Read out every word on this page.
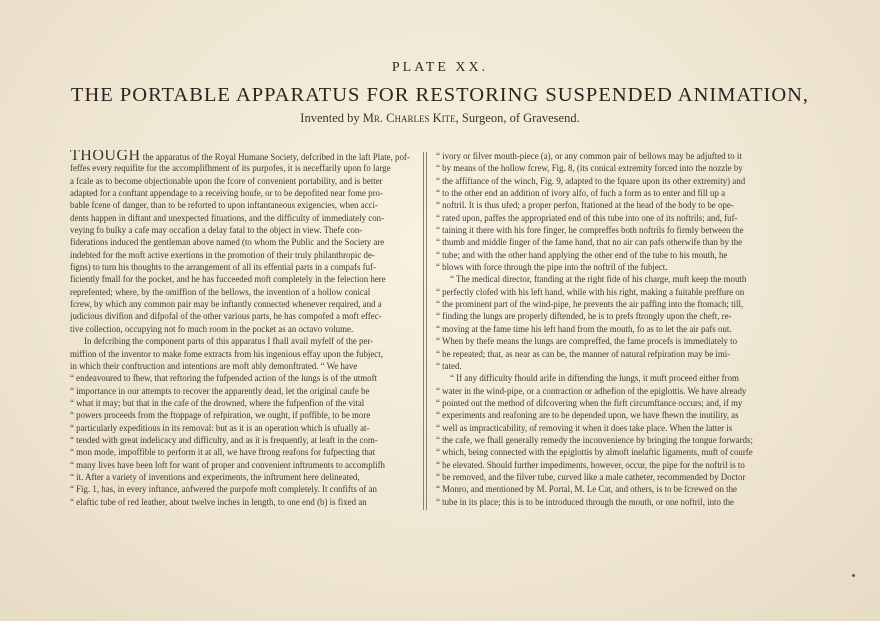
PLATE XX.
THE PORTABLE APPARATUS FOR RESTORING SUSPENDED ANIMATION,
Invented by Mr. Charles Kite, Surgeon, of Gravesend.
THOUGH the apparatus of the Royal Humane Society, defcribed in the laft Plate, pof-
feffes every requifite for the accomplifhment of its purpofes, it is neceffarily upon fo large
a fcale as to become objectionable upon the fcore of convenient portability, and is better
adapted for a conftant appendage to a receiving houfe, or to be depofited near fome pro-
bable fcene of danger, than to be reforted to upon inftantaneous exigencies, when acci-
dents happen in diftant and unexpected fituations, and the difficulty of immediately con-
veying fo bulky a cafe may occafion a delay fatal to the object in view. Thefe con-
fiderations induced the gentleman above named (to whom the Public and the Society are
indebted for the moft active exertions in the promotion of their truly philanthropic de-
figns) to turn his thoughts to the arrangement of all its effential parts in a compafs fuf-
ficiently fmall for the pocket, and he has fucceeded moft completely in the felection here
reprefented; where, by the omiffion of the bellows, the invention of a hollow conical
fcrew, by which any common pair may be inftantly connected whenever required, and a
judicious divifion and difpofal of the other various parts, he has compofed a moft effec-
tive collection, occupying not fo much room in the pocket as an octavo volume.
In defcribing the component parts of this apparatus I fhall avail myfelf of the per-
miffion of the inventor to make fome extracts from his ingenious effay upon the fubject,
in which their conftruction and intentions are moft ably demonftrated. “ We have
“ endeavoured to fhew, that reftoring the fufpended action of the lungs is of the utmoft
“ importance in our attempts to recover the apparently dead, let the original caufe be
“ what it may; but that in the cafe of the drowned, where the fufpenfion of the vital
“ powers proceeds from the ftoppage of refpiration, we ought, if poffible, to be more
“ particularly expeditious in its removal: but as it is an operation which is ufually at-
“ tended with great indelicacy and difficulty, and as it is frequently, at leaft in the com-
“ mon mode, impoffible to perform it at all, we have ftrong reafons for fufpecting that
“ many lives have been loft for want of proper and convenient inftruments to accomplifh
“ it. After a variety of inventions and experiments, the inftrument here delineated,
“ Fig. 1, has, in every inftance, anfwered the purpofe moft completely. It confifts of an
“ elaftic tube of red leather, about twelve inches in length, to one end (b) is fixed an
“ ivory or filver mouth-piece (a), or any common pair of bellows may be adjufted to it
“ by means of the hollow fcrew, Fig. 8, (its conical extremity forced into the nozzle by
“ the affiftance of the winch, Fig. 9, adapted to the fquare upon its other extremity) and
“ to the other end an addition of ivory alfo, of fuch a form as to enter and fill up a
“ noftril. It is thus ufed; a proper perfon, ftationed at the head of the body to be ope-
“ rated upon, paffes the appropriated end of this tube into one of its noftrils; and, fuf-
“ taining it there with his fore finger, he compreffes both noftrils fo firmly between the
“ thumb and middle finger of the fame hand, that no air can pafs otherwife than by the
“ tube; and with the other hand applying the other end of the tube to his mouth, he
“ blows with force through the pipe into the noftril of the fubject.
“ The medical director, ftanding at the right fide of his charge, muft keep the mouth
“ perfectly clofed with his left hand, while with his right, making a fuitable preffure on
“ the prominent part of the wind-pipe, he prevents the air paffing into the ftomach; till,
“ finding the lungs are properly diftended, he is to prefs ftrongly upon the cheft, re-
“ moving at the fame time his left hand from the mouth, fo as to let the air pafs out.
“ When by thefe means the lungs are compreffed, the fame procefs is immediately to
“ be repeated; that, as near as can be, the manner of natural refpiration may be imi-
“ tated.
“ If any difficulty fhould arife in diftending the lungs, it muft proceed either from
“ water in the wind-pipe, or a contraction or adhefion of the epiglottis. We have already
“ pointed out the method of difcovering when the firft circumftance occurs; and, if my
“ experiments and reafoning are to be depended upon, we have fhewn the inutility, as
“ well as impracticability, of removing it when it does take place. When the latter is
“ the cafe, we fhall generally remedy the inconvenience by bringing the tongue forwards;
“ which, being connected with the epiglottis by almoft inelaftic ligaments, muft of courfe
“ be elevated. Should further impediments, however, occur, the pipe for the noftril is to
“ be removed, and the filver tube, curved like a male catheter, recommended by Doctor
“ Monro, and mentioned by M. Portal, M. Le Cat, and others, is to be fcrewed on the
“ tube in its place; this is to be introduced through the mouth, or one noftril, into the
